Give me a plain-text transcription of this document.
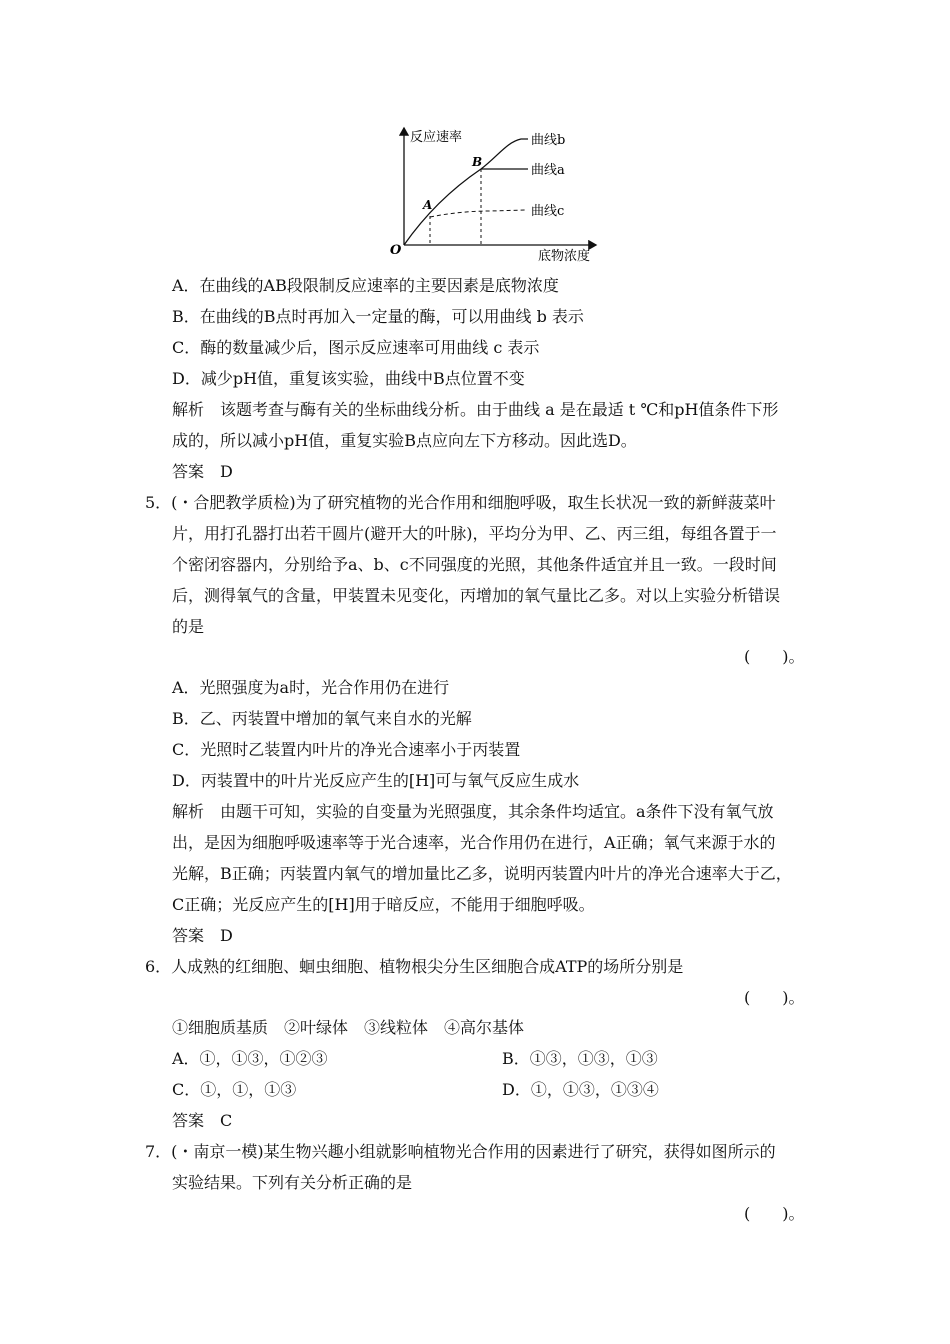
反应速率
底物浓度
O
A
B
曲线b
曲线a
曲线c
A．在曲线的AB段限制反应速率的主要因素是底物浓度
B．在曲线的B点时再加入一定量的酶，可以用曲线 b 表示
C．酶的数量减少后，图示反应速率可用曲线 c 表示
D．减少pH值，重复该实验，曲线中B点位置不变
解析　该题考查与酶有关的坐标曲线分析。由于曲线 a 是在最适 t ℃和pH值条件下形
成的，所以减小pH值，重复实验B点应向左下方移动。因此选D。
答案　D
5．(・合肥教学质检)为了研究植物的光合作用和细胞呼吸，取生长状况一致的新鲜菠菜叶
片，用打孔器打出若干圆片(避开大的叶脉)，平均分为甲、乙、丙三组，每组各置于一
个密闭容器内，分别给予a、b、c不同强度的光照，其他条件适宜并且一致。一段时间
后，测得氧气的含量，甲装置未见变化，丙增加的氧气量比乙多。对以上实验分析错误
的是
(　　)。
A．光照强度为a时，光合作用仍在进行
B．乙、丙装置中增加的氧气来自水的光解
C．光照时乙装置内叶片的净光合速率小于丙装置
D．丙装置中的叶片光反应产生的[H]可与氧气反应生成水
解析　由题干可知，实验的自变量为光照强度，其余条件均适宜。a条件下没有氧气放
出，是因为细胞呼吸速率等于光合速率，光合作用仍在进行，A正确；氧气来源于水的
光解，B正确；丙装置内氧气的增加量比乙多，说明丙装置内叶片的净光合速率大于乙，
C正确；光反应产生的[H]用于暗反应，不能用于细胞呼吸。
答案　D
6．人成熟的红细胞、蛔虫细胞、植物根尖分生区细胞合成ATP的场所分别是
(　　)。
①细胞质基质　②叶绿体　③线粒体　④高尔基体
A．①，①③，①②③	B．①③，①③，①③
C．①，①，①③	D．①，①③，①③④
答案　C
7．(・南京一模)某生物兴趣小组就影响植物光合作用的因素进行了研究，获得如图所示的
实验结果。下列有关分析正确的是
(　　)。
